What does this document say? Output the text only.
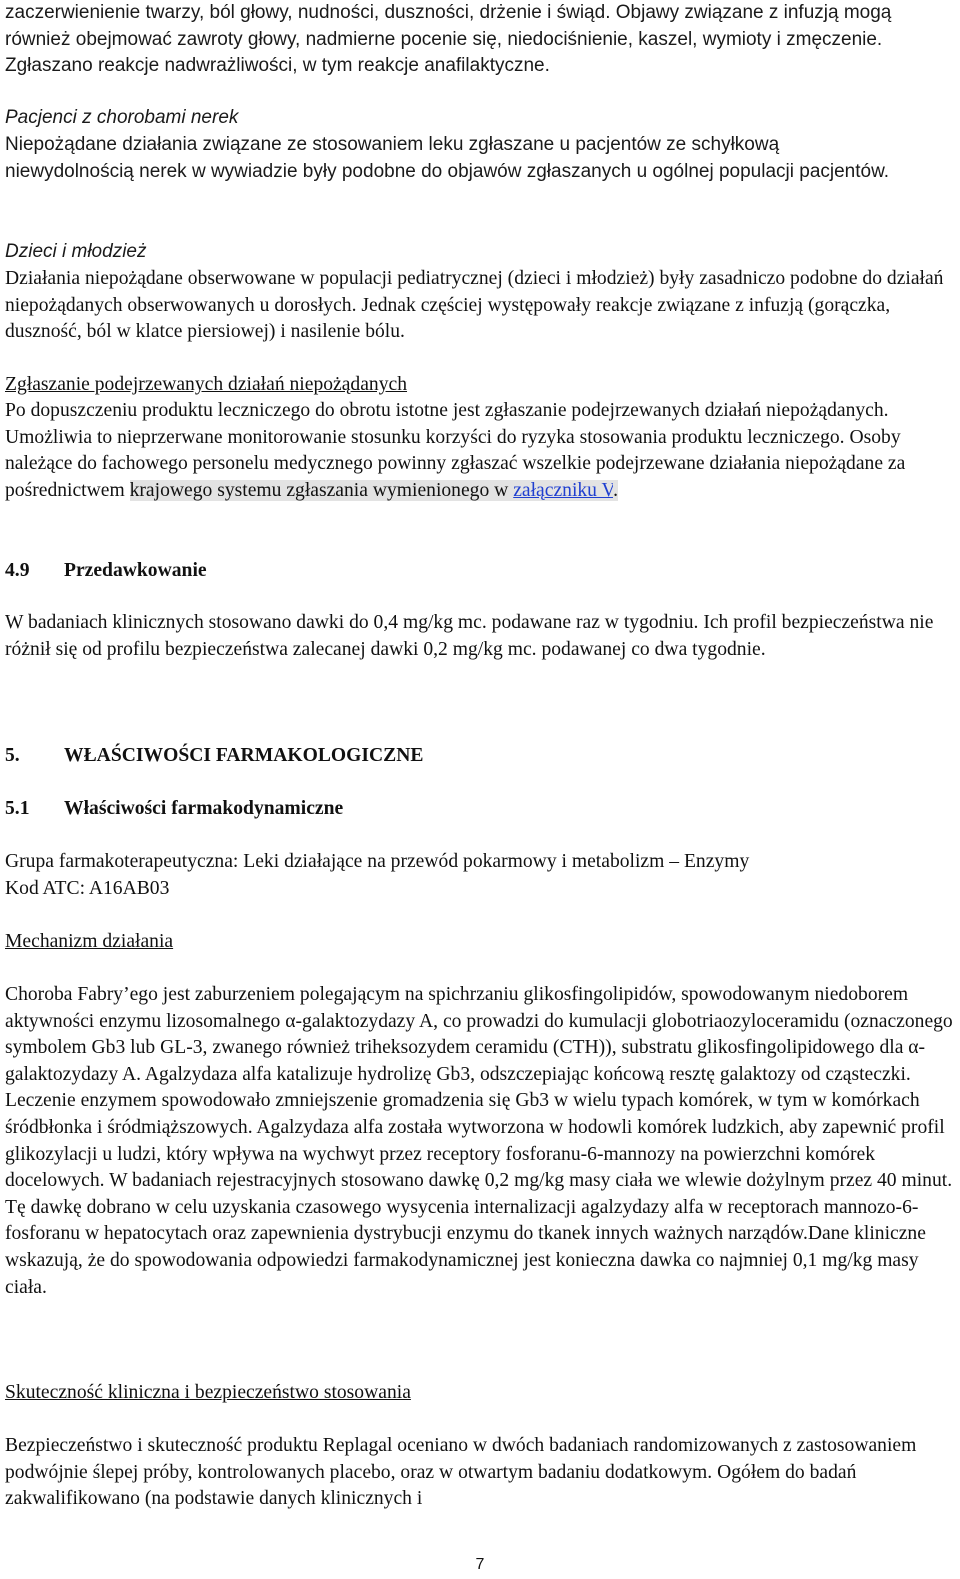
zaczerwienienie twarzy, ból głowy, nudności, duszności, drżenie i świąd. Objawy związane z infuzją mogą również obejmować zawroty głowy, nadmierne pocenie się, niedociśnienie, kaszel, wymioty i zmęczenie. Zgłaszano reakcje nadwrażliwości, w tym reakcje anafilaktyczne.

Pacjenci z chorobami nerek

Niepożądane działania związane ze stosowaniem leku zgłaszane u pacjentów ze schyłkową niewydolnością nerek w wywiadzie były podobne do objawów zgłaszanych u ogólnej populacji pacjentów.

Dzieci i młodzież

Działania niepożądane obserwowane w populacji pediatrycznej (dzieci i młodzież) były zasadniczo podobne do działań niepożądanych obserwowanych u dorosłych. Jednak częściej występowały reakcje związane z infuzją (gorączka, duszność, ból w klatce piersiowej) i nasilenie bólu.

Zgłaszanie podejrzewanych działań niepożądanych

Po dopuszczeniu produktu leczniczego do obrotu istotne jest zgłaszanie podejrzewanych działań niepożądanych. Umożliwia to nieprzerwane monitorowanie stosunku korzyści do ryzyka stosowania produktu leczniczego. Osoby należące do fachowego personelu medycznego powinny zgłaszać wszelkie podejrzewane działania niepożądane za pośrednictwem krajowego systemu zgłaszania wymienionego w załączniku V.

4.9 Przedawkowanie

W badaniach klinicznych stosowano dawki do 0,4 mg/kg mc. podawane raz w tygodniu. Ich profil bezpieczeństwa nie różnił się od profilu bezpieczeństwa zalecanej dawki 0,2 mg/kg mc. podawanej co dwa tygodnie.

5. WŁAŚCIWOŚCI FARMAKOLOGICZNE

5.1 Właściwości farmakodynamiczne

Grupa farmakoterapeutyczna: Leki działające na przewód pokarmowy i metabolizm – Enzymy

Kod ATC: A16AB03

Mechanizm działania

Choroba Fabry’ego jest zaburzeniem polegającym na spichrzaniu glikosfingolipidów, spowodowanym niedoborem aktywności enzymu lizosomalnego α-galaktozydazy A, co prowadzi do kumulacji globotriaozyloceramidu (oznaczonego symbolem Gb3 lub GL-3, zwanego również triheksozydem ceramidu (CTH)), substratu glikosfingolipidowego dla α-galaktozydazy A. Agalzydaza alfa katalizuje hydrolizę Gb3, odszczepiając końcową resztę galaktozy od cząsteczki. Leczenie enzymem spowodowało zmniejszenie gromadzenia się Gb3 w wielu typach komórek, w tym w komórkach śródbłonka i śródmiąższowych. Agalzydaza alfa została wytworzona w hodowli komórek ludzkich, aby zapewnić profil glikozylacji u ludzi, który wpływa na wychwyt przez receptory fosforanu-6-mannozy na powierzchni komórek docelowych. W badaniach rejestracyjnych stosowano dawkę 0,2 mg/kg masy ciała we wlewie dożylnym przez 40 minut. Tę dawkę dobrano w celu uzyskania czasowego wysycenia internalizacji agalzydazy alfa w receptorach mannozo-6-fosforanu w hepatocytach oraz zapewnienia dystrybucji enzymu do tkanek innych ważnych narządów.Dane kliniczne wskazują, że do spowodowania odpowiedzi farmakodynamicznej jest konieczna dawka co najmniej 0,1 mg/kg masy ciała.

Skuteczność kliniczna i bezpieczeństwo stosowania

Bezpieczeństwo i skuteczność produktu Replagal oceniano w dwóch badaniach randomizowanych z zastosowaniem podwójnie ślepej próby, kontrolowanych placebo, oraz w otwartym badaniu dodatkowym. Ogółem do badań zakwalifikowano (na podstawie danych klinicznych i

7
